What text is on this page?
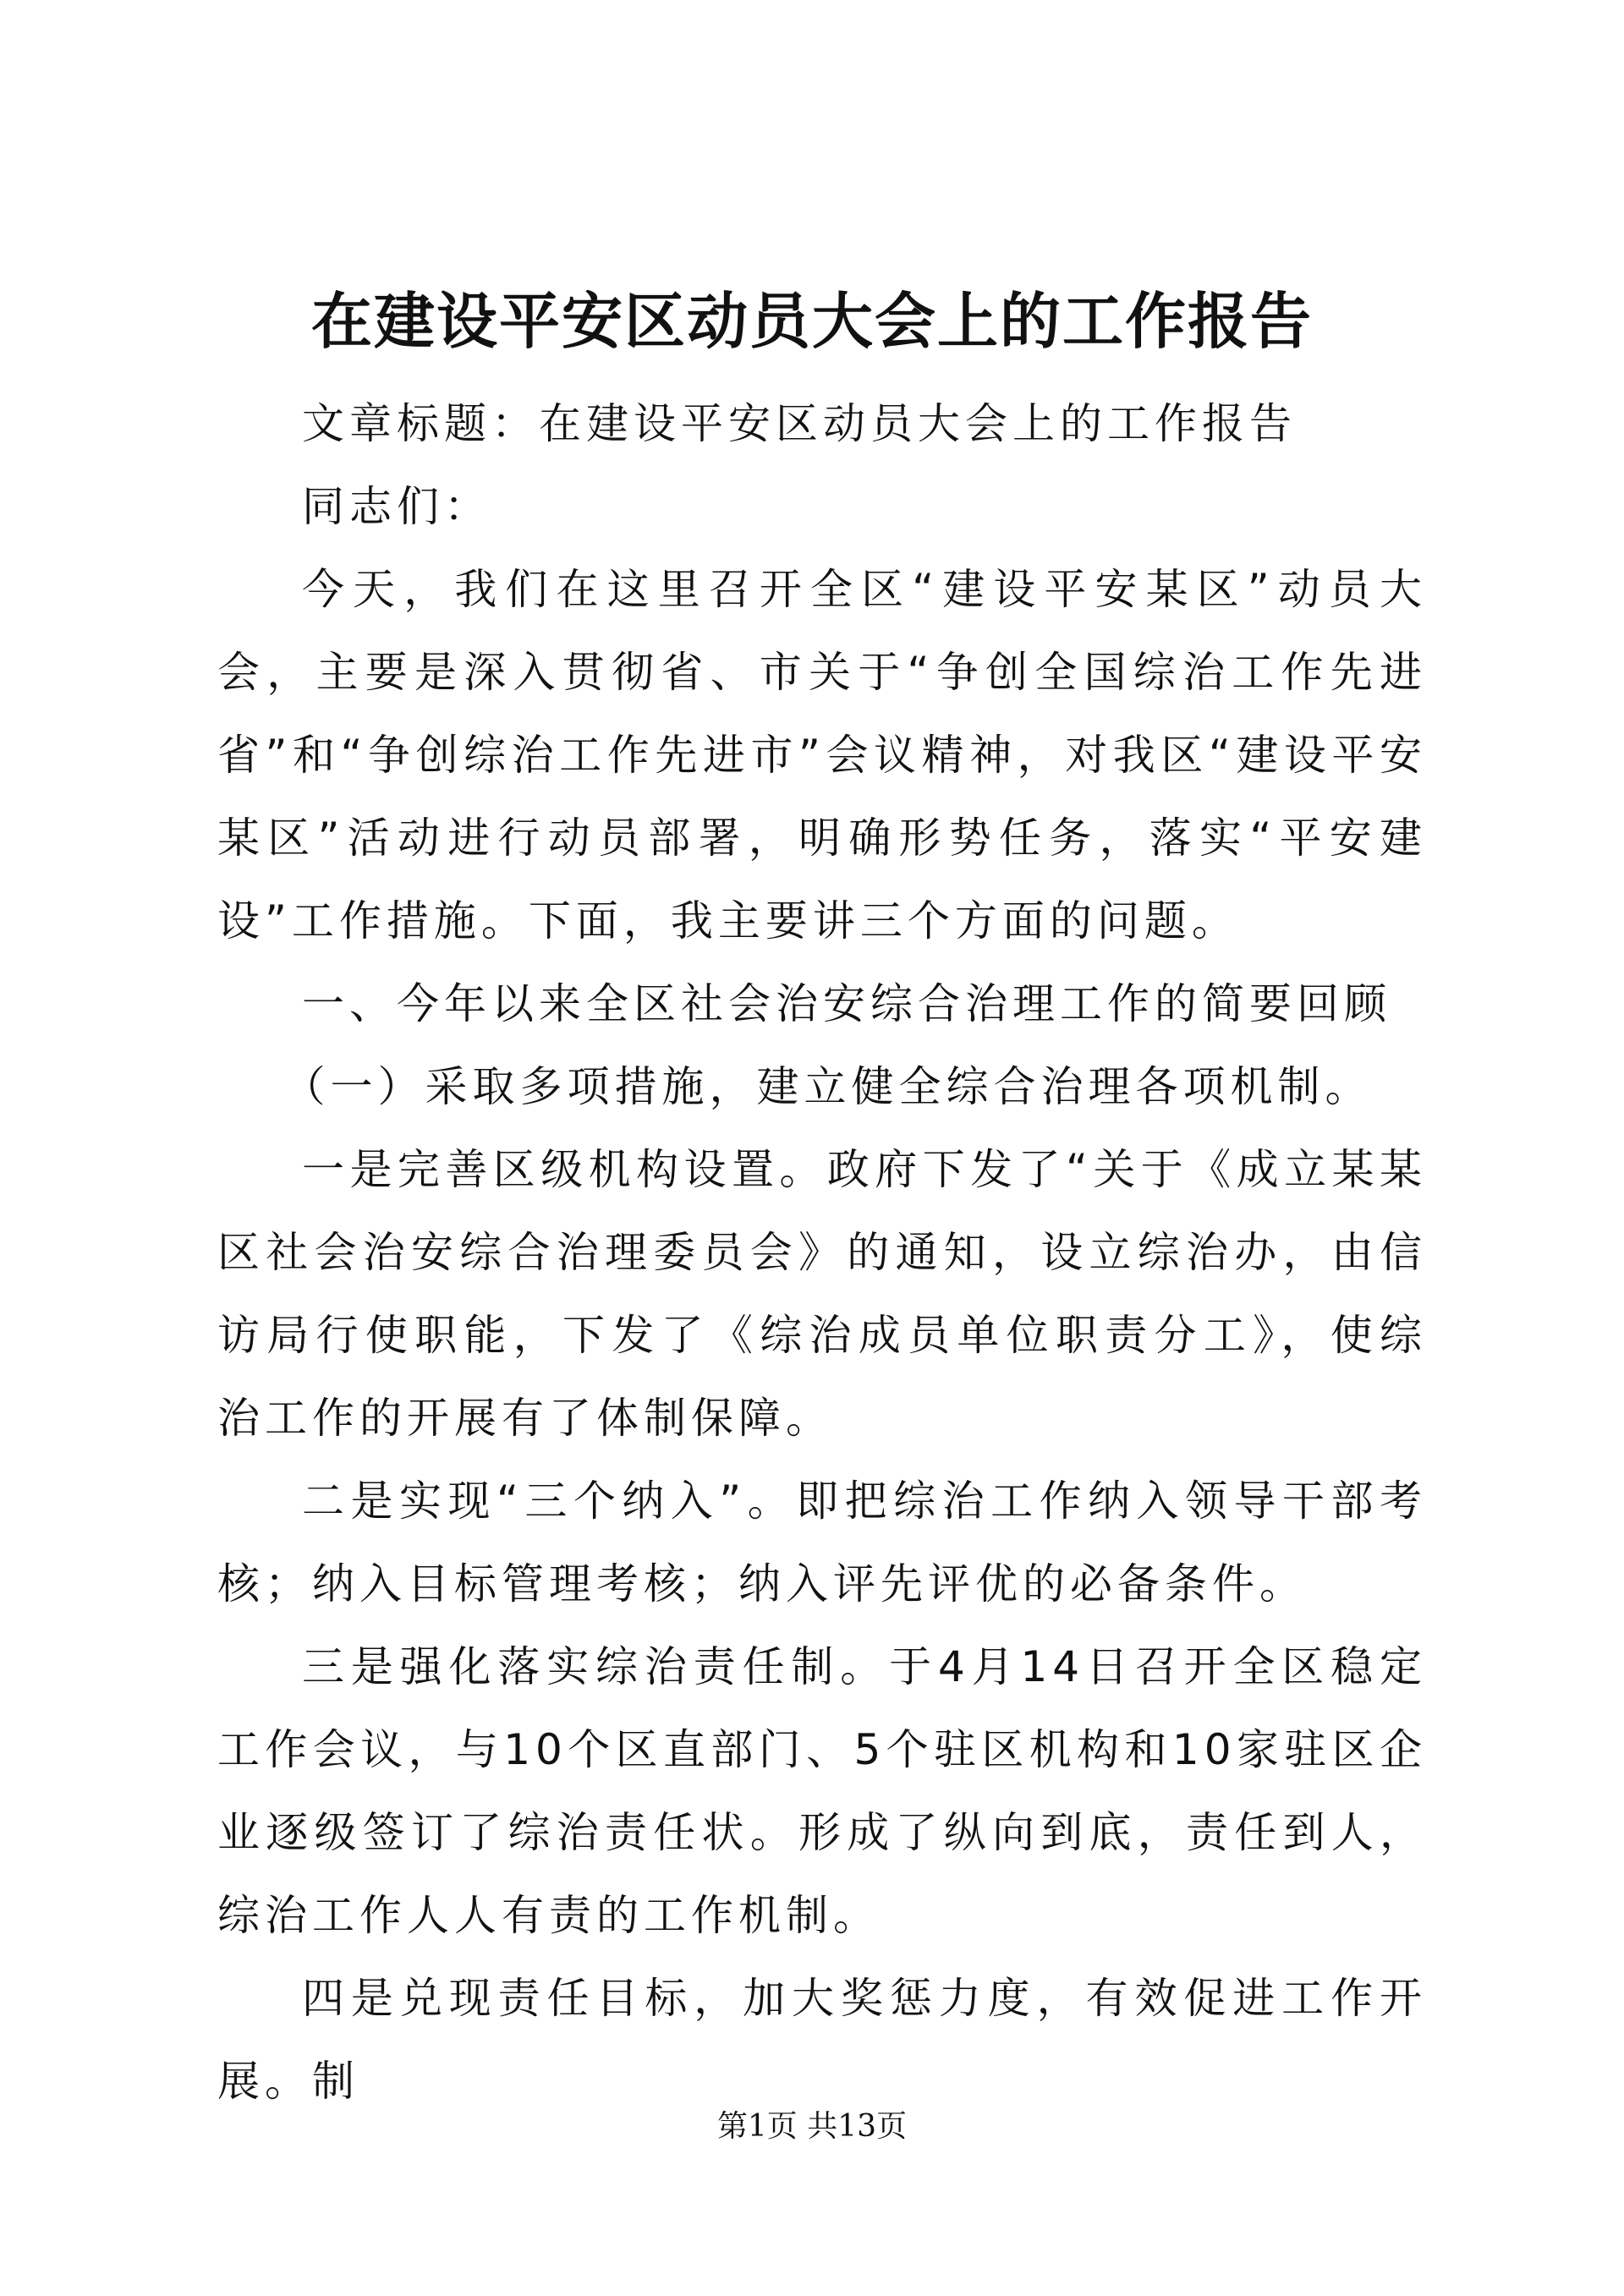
在建设平安区动员大会上的工作报告

文章标题：在建设平安区动员大会上的工作报告

同志们：

今天，我们在这里召开全区“建设平安某区”动员大会，主要是深入贯彻省、市关于“争创全国综治工作先进省”和“争创综治工作先进市”会议精神，对我区“建设平安某区”活动进行动员部署，明确形势任务，落实“平安建设”工作措施。下面，我主要讲三个方面的问题。

一、今年以来全区社会治安综合治理工作的简要回顾

（一）采取多项措施，建立健全综合治理各项机制。

一是完善区级机构设置。政府下发了“关于《成立某某区社会治安综合治理委员会》的通知，设立综治办，由信访局行使职能，下发了《综治成员单位职责分工》，使综治工作的开展有了体制保障。

二是实现“三个纳入”。即把综治工作纳入领导干部考核；纳入目标管理考核；纳入评先评优的必备条件。

三是强化落实综治责任制。于4月14日召开全区稳定工作会议，与10个区直部门、5个驻区机构和10家驻区企业逐级签订了综治责任状。形成了纵向到底，责任到人，综治工作人人有责的工作机制。

四是兑现责任目标，加大奖惩力度，有效促进工作开展。制

第1页 共13页
